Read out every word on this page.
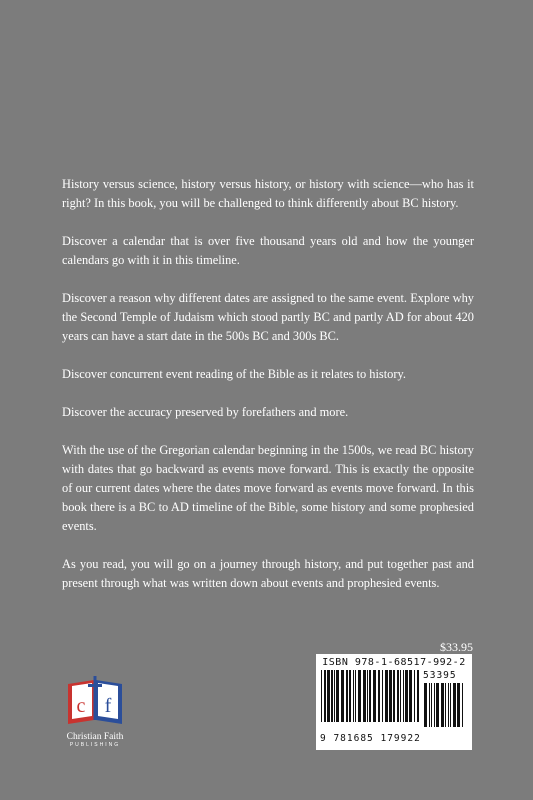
History versus science, history versus history, or history with science—who has it right? In this book, you will be challenged to think differently about BC history.

Discover a calendar that is over five thousand years old and how the younger calendars go with it in this timeline.

Discover a reason why different dates are assigned to the same event. Explore why the Second Temple of Judaism which stood partly BC and partly AD for about 420 years can have a start date in the 500s BC and 300s BC.

Discover concurrent event reading of the Bible as it relates to history.

Discover the accuracy preserved by forefathers and more.

With the use of the Gregorian calendar beginning in the 1500s, we read BC history with dates that go backward as events move forward. This is exactly the opposite of our current dates where the dates move forward as events move forward. In this book there is a BC to AD timeline of the Bible, some history and some prophesied events.

As you read, you will go on a journey through history, and put together past and present through what was written down about events and prophesied events.

$33.95
ISBN 978-1-68517-992-2
53395
9 781685 179922
c f
Christian Faith
PUBLISHING
